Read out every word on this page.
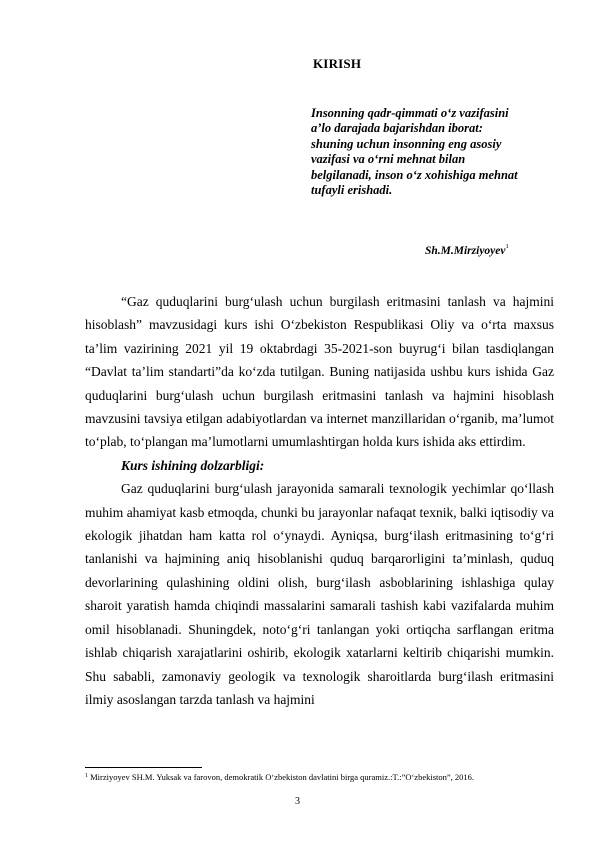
KIRISH
Insonning qadr-qimmati o‘z vazifasini
a’lo darajada bajarishdan iborat:
shuning uchun insonning eng asosiy
vazifasi va o‘rni mehnat bilan
belgilanadi, inson o‘z xohishiga mehnat
tufayli erishadi.
Sh.M.Mirziyoyev$^1$

“Gaz quduqlarini burg‘ulash uchun burgilash eritmasini tanlash va hajmini hisoblash” mavzusidagi kurs ishi O‘zbekiston Respublikasi Oliy va o‘rta maxsus ta’lim vazirining 2021 yil 19 oktabrdagi 35-2021-son buyrug‘i bilan tasdiqlangan “Davlat ta’lim standarti”da ko‘zda tutilgan. Buning natijasida ushbu kurs ishida Gaz quduqlarini burg‘ulash uchun burgilash eritmasini tanlash va hajmini hisoblash mavzusini tavsiya etilgan adabiyotlardan va internet manzillaridan o‘rganib, ma’lumot to‘plab, to‘plangan ma’lumotlarni umumlashtirgan holda kurs ishida aks ettirdim.

Kurs ishining dolzarbligi:

Gaz quduqlarini burg‘ulash jarayonida samarali texnologik yechimlar qo‘llash muhim ahamiyat kasb etmoqda, chunki bu jarayonlar nafaqat texnik, balki iqtisodiy va ekologik jihatdan ham katta rol o‘ynaydi. Ayniqsa, burg‘ilash eritmasining to‘g‘ri tanlanishi va hajmining aniq hisoblanishi quduq barqarorligini ta’minlash, quduq devorlarining qulashining oldini olish, burg‘ilash asboblarining ishlashiga qulay sharoit yaratish hamda chiqindi massalarini samarali tashish kabi vazifalarda muhim omil hisoblanadi. Shuningdek, noto‘g‘ri tanlangan yoki ortiqcha sarflangan eritma ishlab chiqarish xarajatlarini oshirib, ekologik xatarlarni keltirib chiqarishi mumkin. Shu sababli, zamonaviy geologik va texnologik sharoitlarda burg‘ilash eritmasini ilmiy asoslangan tarzda tanlash va hajmini

$^1$ Mirziyoyev SH.M. Yuksak va farovon, demokratik O‘zbekiston davlatini birga quramiz.:T.:”O‘zbekiston”, 2016.
3
